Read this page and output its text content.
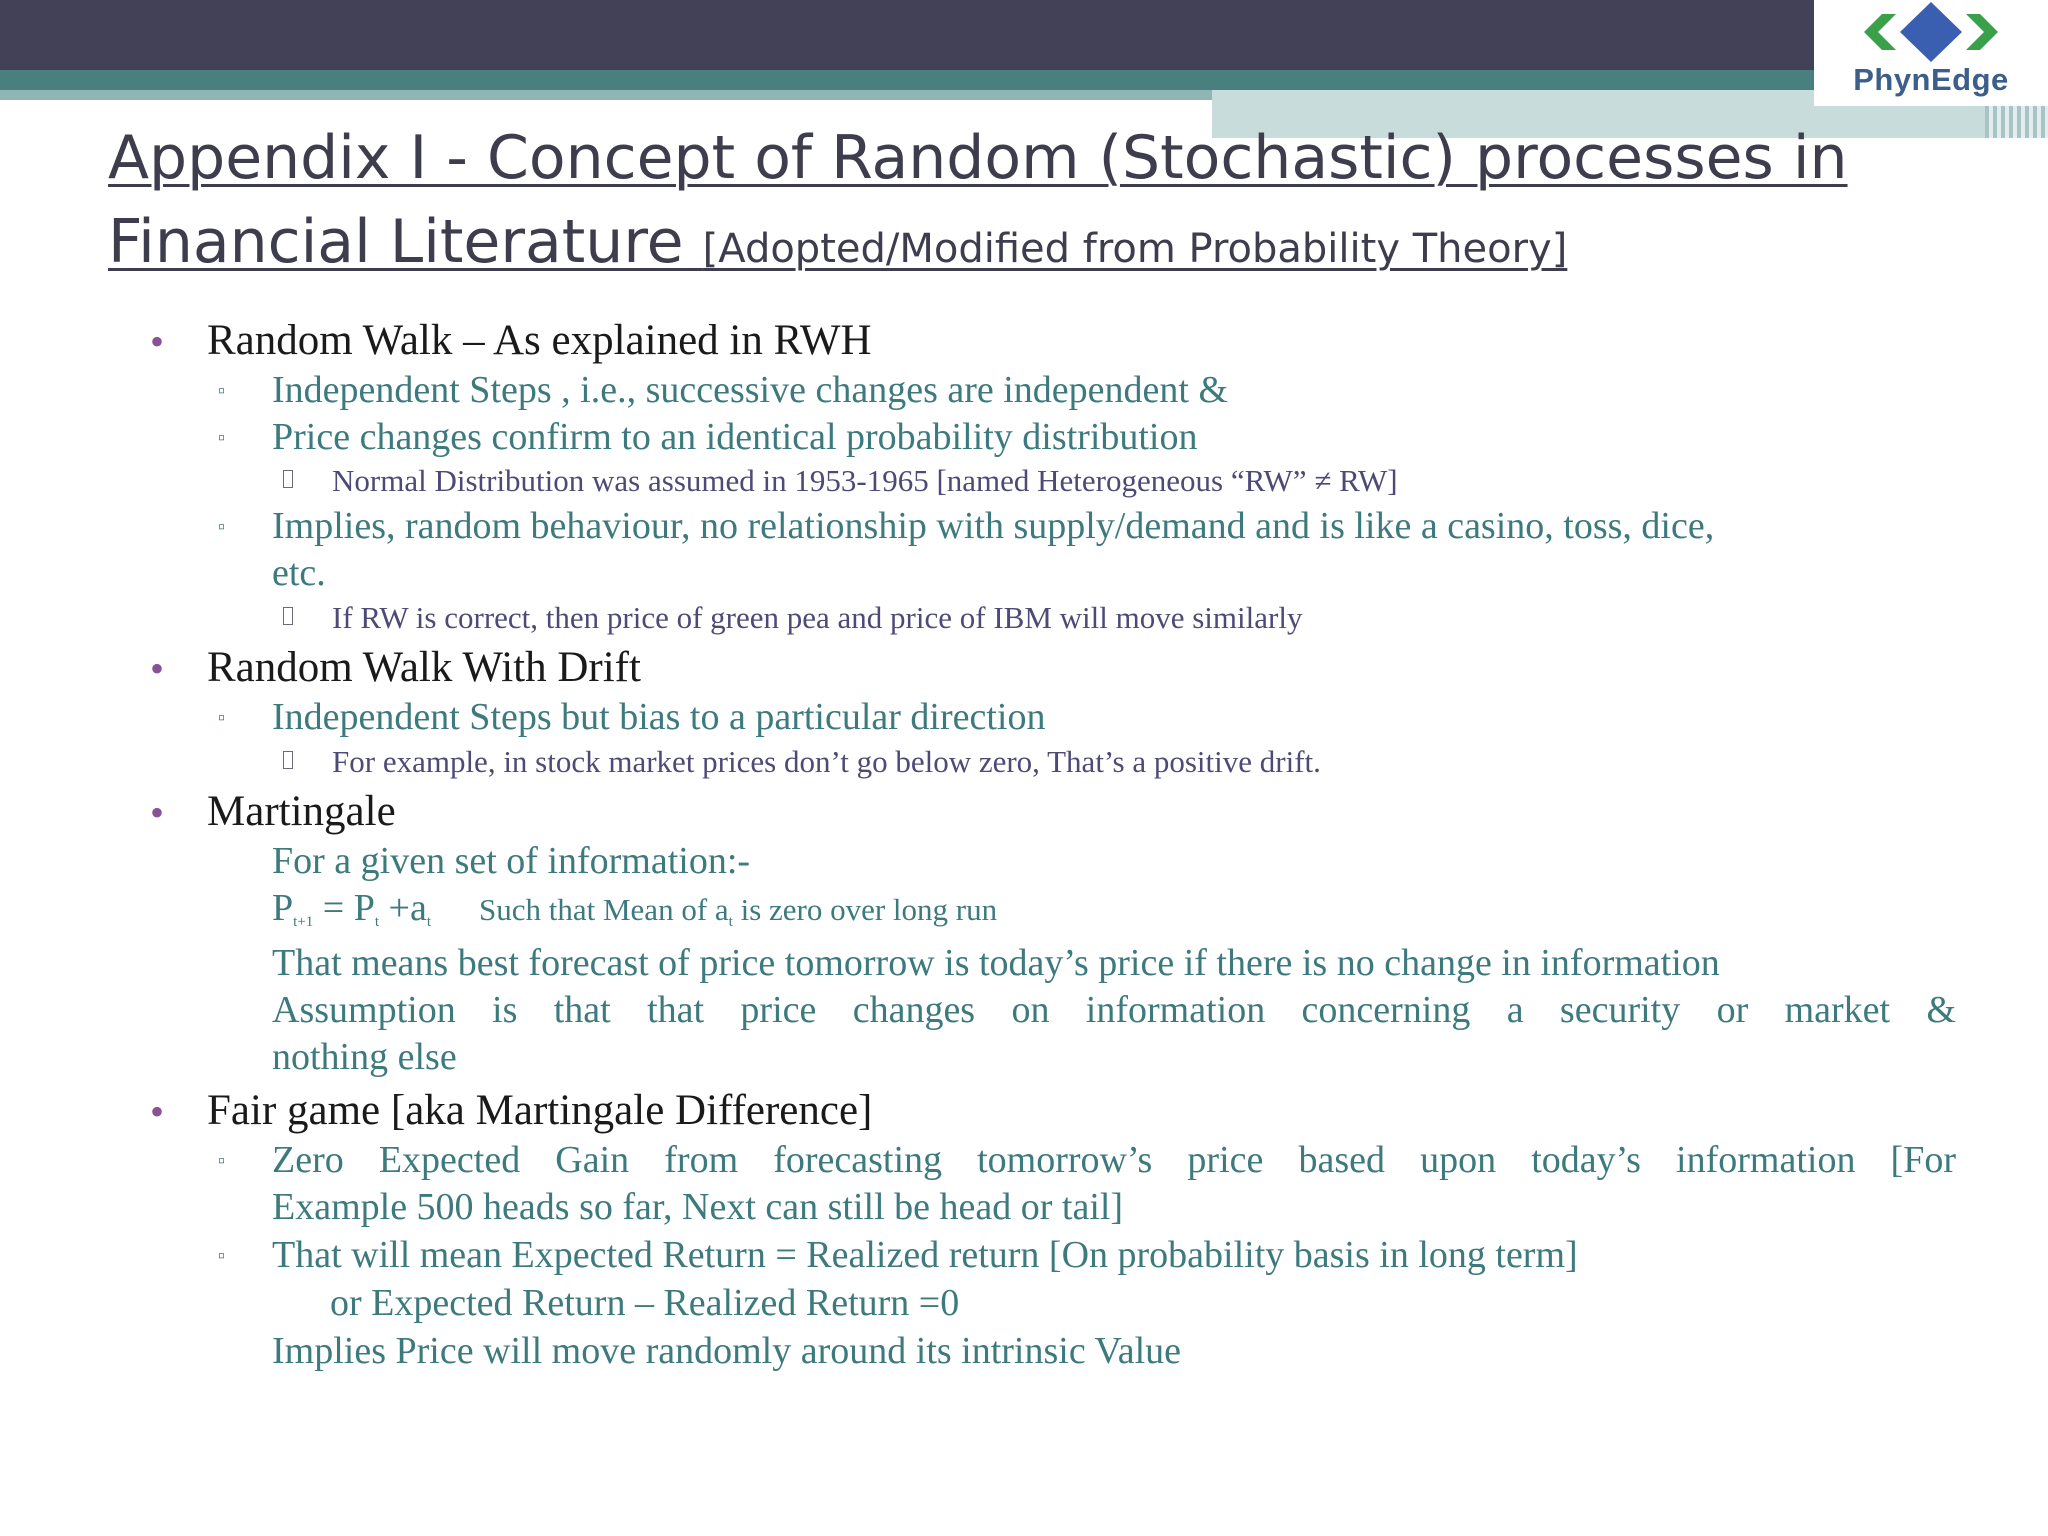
PhynEdge
Appendix I - Concept of Random (Stochastic) processes in Financial Literature [Adopted/Modified from Probability Theory]
• Random Walk – As explained in RWH
▫ Independent Steps , i.e., successive changes are independent &
▫ Price changes confirm to an identical probability distribution
Normal Distribution was assumed in 1953-1965 [named Heterogeneous “RW” ≠ RW]
▫ Implies, random behaviour, no relationship with supply/demand and is like a casino, toss, dice,
etc.
If RW is correct, then price of green pea and price of IBM will move similarly
• Random Walk With Drift
▫ Independent Steps but bias to a particular direction
For example, in stock market prices don’t go below zero, That’s a positive drift.
• Martingale
For a given set of information:-
$P_{t+1} = P_t +a_t$ Such that Mean of $a_t$ is zero over long run
That means best forecast of price tomorrow is today’s price if there is no change in information
Assumption is that that price changes on information concerning a security or market &
nothing else
• Fair game [aka Martingale Difference]
▫ Zero Expected Gain from forecasting tomorrow’s price based upon today’s information [For
Example 500 heads so far, Next can still be head or tail]
▫ That will mean Expected Return = Realized return [On probability basis in long term]
or Expected Return – Realized Return =0
Implies Price will move randomly around its intrinsic Value
